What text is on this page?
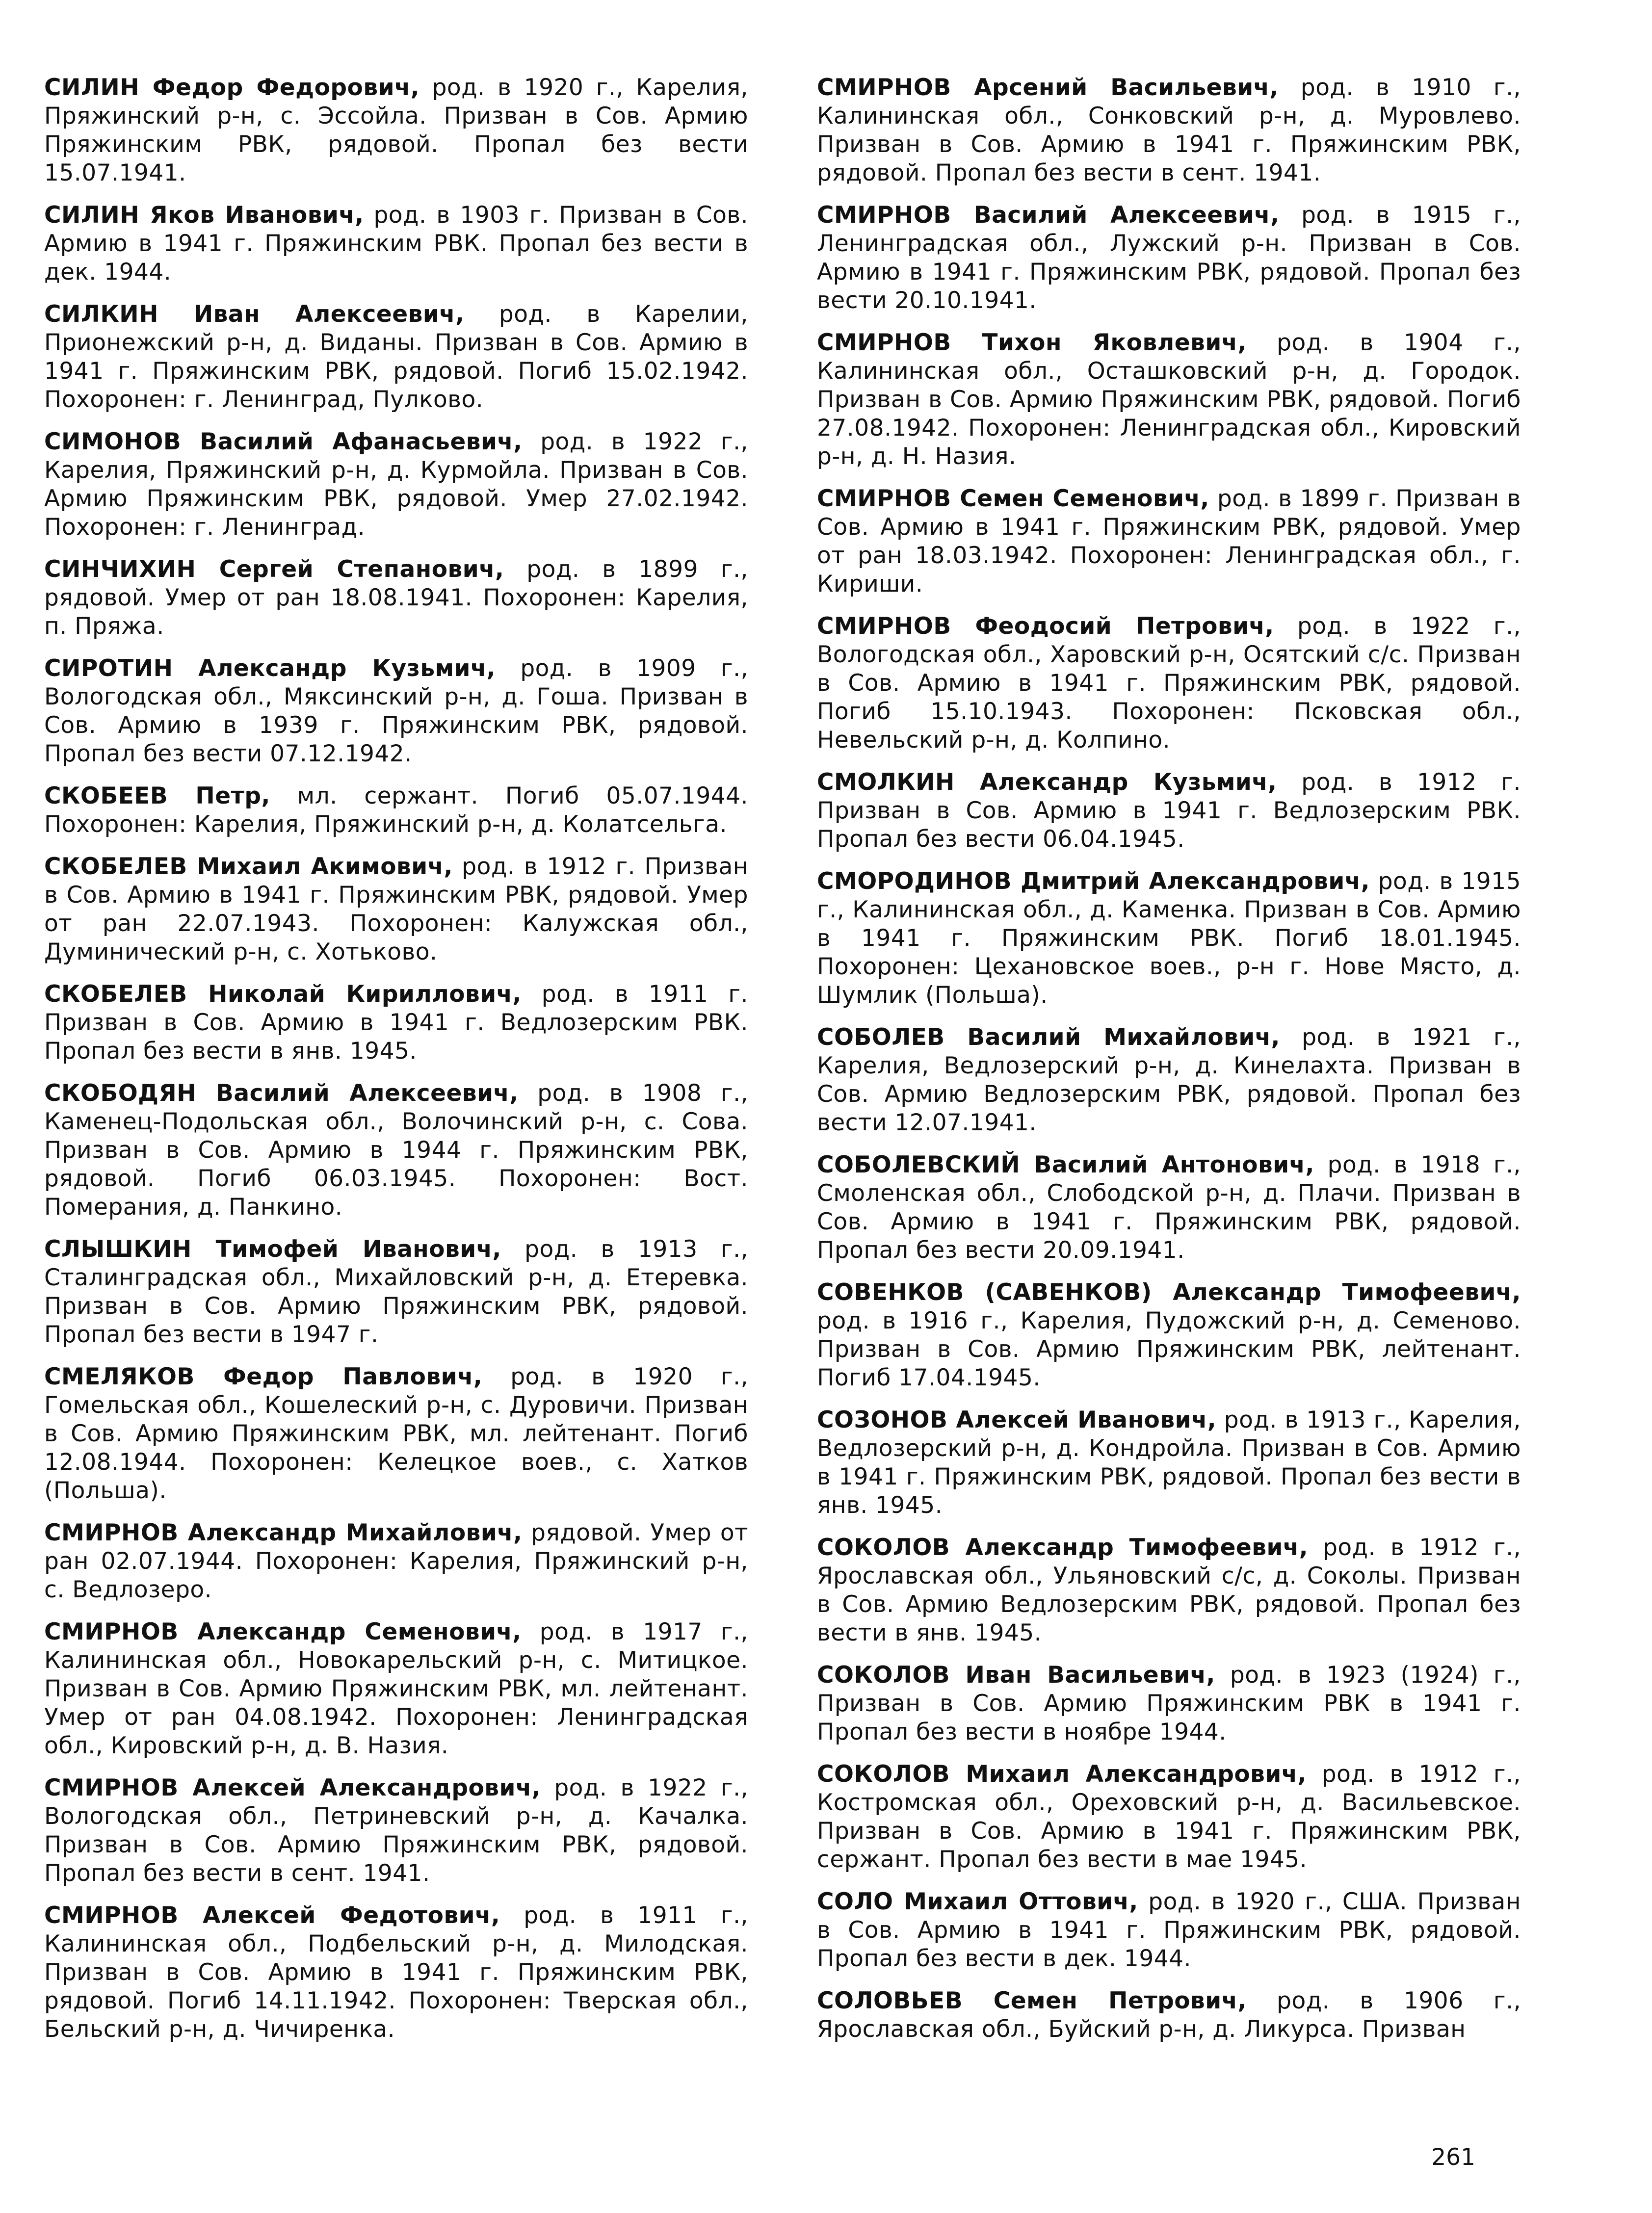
СИЛИН Федор Федорович, род. в 1920 г., Карелия, Пряжинский р-н, с. Эссойла. Призван в Сов. Армию Пряжинским РВК, рядовой. Пропал без вести 15.07.1941.

СИЛИН Яков Иванович, род. в 1903 г. Призван в Сов. Армию в 1941 г. Пряжинским РВК. Пропал без вести в дек. 1944.

СИЛКИН Иван Алексеевич, род. в Карелии, Прионежский р-н, д. Виданы. Призван в Сов. Армию в 1941 г. Пряжинским РВК, рядовой. Погиб 15.02.1942. Похоронен: г. Ленинград, Пулково.

СИМОНОВ Василий Афанасьевич, род. в 1922 г., Карелия, Пряжинский р-н, д. Курмойла. Призван в Сов. Армию Пряжинским РВК, рядовой. Умер 27.02.1942. Похоронен: г. Ленинград.

СИНЧИХИН Сергей Степанович, род. в 1899 г., рядовой. Умер от ран 18.08.1941. Похоронен: Карелия, п. Пряжа.

СИРОТИН Александр Кузьмич, род. в 1909 г., Вологодская обл., Мяксинский р-н, д. Гоша. Призван в Сов. Армию в 1939 г. Пряжинским РВК, рядовой. Пропал без вести 07.12.1942.

СКОБЕЕВ Петр, мл. сержант. Погиб 05.07.1944. Похоронен: Карелия, Пряжинский р-н, д. Колатсельга.

СКОБЕЛЕВ Михаил Акимович, род. в 1912 г. Призван в Сов. Армию в 1941 г. Пряжинским РВК, рядовой. Умер от ран 22.07.1943. Похоронен: Калужская обл., Думиничеcкий р-н, с. Хотьково.

СКОБЕЛЕВ Николай Кириллович, род. в 1911 г. Призван в Сов. Армию в 1941 г. Ведлозерским РВК. Пропал без вести в янв. 1945.

СКОБОДЯН Василий Алексеевич, род. в 1908 г., Каменец-Подольская обл., Волочинский р-н, с. Сова. Призван в Сов. Армию в 1944 г. Пряжинским РВК, рядовой. Погиб 06.03.1945. Похоронен: Вост. Померания, д. Панкино.

СЛЫШКИН Тимофей Иванович, род. в 1913 г., Сталинградская обл., Михайловский р-н, д. Етеревка. Призван в Сов. Армию Пряжинским РВК, рядовой. Пропал без вести в 1947 г.

СМЕЛЯКОВ Федор Павлович, род. в 1920 г., Гомельская обл., Кошелеский р-н, с. Дуровичи. Призван в Сов. Армию Пряжинским РВК, мл. лейтенант. Погиб 12.08.1944. Похоронен: Келецкое воев., с. Хатков (Польша).

СМИРНОВ Александр Михайлович, рядовой. Умер от ран 02.07.1944. Похоронен: Карелия, Пряжинский р-н, с. Ведлозеро.

СМИРНОВ Александр Семенович, род. в 1917 г., Калининская обл., Новокарельский р-н, с. Митицкое. Призван в Сов. Армию Пряжинским РВК, мл. лейтенант. Умер от ран 04.08.1942. Похоронен: Ленинградская обл., Кировский р-н, д. В. Назия.

СМИРНОВ Алексей Александрович, род. в 1922 г., Вологодская обл., Петриневский р-н, д. Качалка. Призван в Сов. Армию Пряжинским РВК, рядовой. Пропал без вести в сент. 1941.

СМИРНОВ Алексей Федотович, род. в 1911 г., Калининская обл., Подбельский р-н, д. Милодская. Призван в Сов. Армию в 1941 г. Пряжинским РВК, рядовой. Погиб 14.11.1942. Похоронен: Тверская обл., Бельский р-н, д. Чичиренка.

СМИРНОВ Арсений Васильевич, род. в 1910 г., Калининская обл., Сонковский р-н, д. Муровлево. Призван в Сов. Армию в 1941 г. Пряжинским РВК, рядовой. Пропал без вести в сент. 1941.

СМИРНОВ Василий Алексеевич, род. в 1915 г., Ленинградская обл., Лужский р-н. Призван в Сов. Армию в 1941 г. Пряжинским РВК, рядовой. Пропал без вести 20.10.1941.

СМИРНОВ Тихон Яковлевич, род. в 1904 г., Калининская обл., Осташковский р-н, д. Городок. Призван в Сов. Армию Пряжинским РВК, рядовой. Погиб 27.08.1942. Похоронен: Ленинградская обл., Кировский р-н, д. Н. Назия.

СМИРНОВ Семен Семенович, род. в 1899 г. Призван в Сов. Армию в 1941 г. Пряжинским РВК, рядовой. Умер от ран 18.03.1942. Похоронен: Ленинградская обл., г. Кириши.

СМИРНОВ Феодосий Петрович, род. в 1922 г., Вологодская обл., Харовский р-н, Осятский с/с. Призван в Сов. Армию в 1941 г. Пряжинским РВК, рядовой. Погиб 15.10.1943. Похоронен: Псковская обл., Невельский р-н, д. Колпино.

СМОЛКИН Александр Кузьмич, род. в 1912 г. Призван в Сов. Армию в 1941 г. Ведлозерским РВК. Пропал без вести 06.04.1945.

СМОРОДИНОВ Дмитрий Александрович, род. в 1915 г., Калининская обл., д. Каменка. Призван в Сов. Армию в 1941 г. Пряжинским РВК. Погиб 18.01.1945. Похоронен: Цехановское воев., р-н г. Нове Място, д. Шумлик (Польша).

СОБОЛЕВ Василий Михайлович, род. в 1921 г., Карелия, Ведлозерский р-н, д. Кинелахта. Призван в Сов. Армию Ведлозерским РВК, рядовой. Пропал без вести 12.07.1941.

СОБОЛЕВСКИЙ Василий Антонович, род. в 1918 г., Смоленская обл., Слободской р-н, д. Плачи. Призван в Сов. Армию в 1941 г. Пряжинским РВК, рядовой. Пропал без вести 20.09.1941.

СОВЕНКОВ (САВЕНКОВ) Александр Тимофеевич, род. в 1916 г., Карелия, Пудожский р-н, д. Семеново. Призван в Сов. Армию Пряжинским РВК, лейтенант. Погиб 17.04.1945.

СОЗОНОВ Алексей Иванович, род. в 1913 г., Карелия, Ведлозерский р-н, д. Кондройла. Призван в Сов. Армию в 1941 г. Пряжинским РВК, рядовой. Пропал без вести в янв. 1945.

СОКОЛОВ Александр Тимофеевич, род. в 1912 г., Ярославская обл., Ульяновский с/с, д. Соколы. Призван в Сов. Армию Ведлозерским РВК, рядовой. Пропал без вести в янв. 1945.

СОКОЛОВ Иван Васильевич, род. в 1923 (1924) г., Призван в Сов. Армию Пряжинским РВК в 1941 г. Пропал без вести в ноябре 1944.

СОКОЛОВ Михаил Александрович, род. в 1912 г., Костромская обл., Ореховский р-н, д. Васильевское. Призван в Сов. Армию в 1941 г. Пряжинским РВК, сержант. Пропал без вести в мае 1945.

СОЛО Михаил Оттович, род. в 1920 г., США. Призван в Сов. Армию в 1941 г. Пряжинским РВК, рядовой. Пропал без вести в дек. 1944.

СОЛОВЬЕВ Семен Петрович, род. в 1906 г., Ярославская обл., Буйский р-н, д. Ликурса. Призван

261
